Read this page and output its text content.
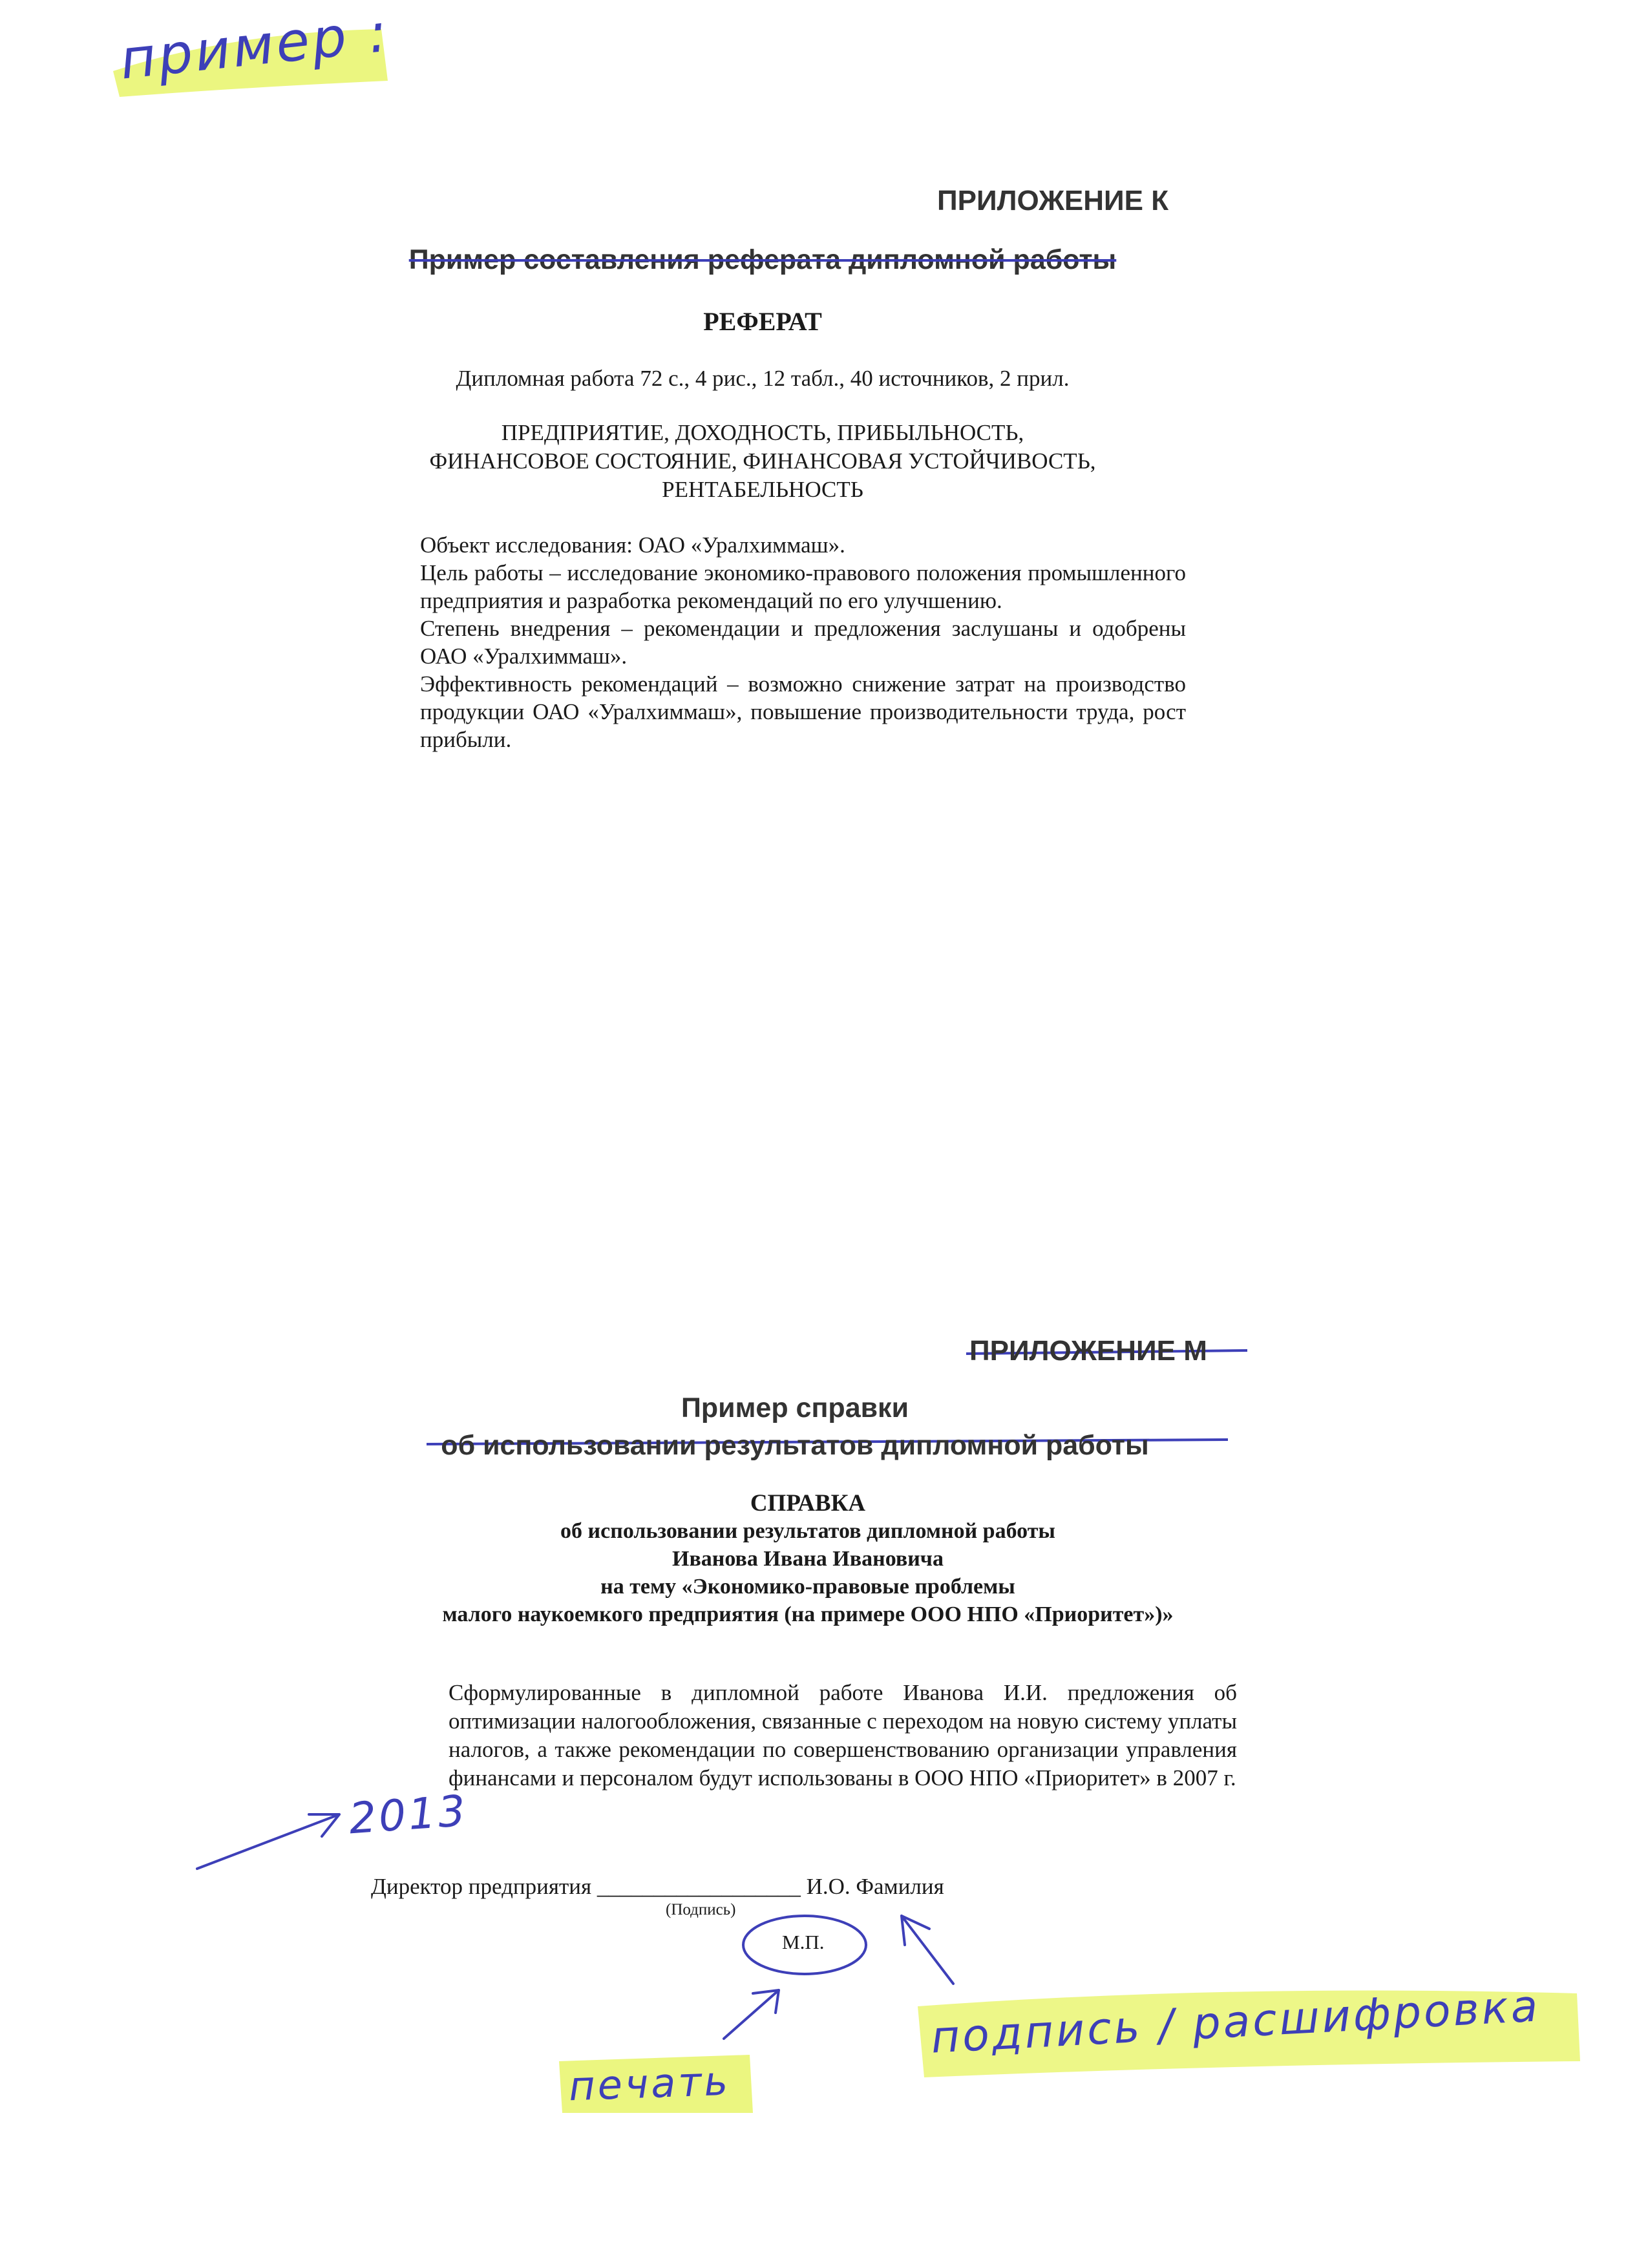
пример :
ПРИЛОЖЕНИЕ К
Пример составления реферата дипломной работы
РЕФЕРАТ
Дипломная работа 72 с., 4 рис., 12 табл., 40 источников, 2 прил.
ПРЕДПРИЯТИЕ, ДОХОДНОСТЬ, ПРИБЫЛЬНОСТЬ,
ФИНАНСОВОЕ СОСТОЯНИЕ, ФИНАНСОВАЯ УСТОЙЧИВОСТЬ,
РЕНТАБЕЛЬНОСТЬ
Объект исследования: ОАО «Уралхиммаш».
Цель работы – исследование экономико-правового положения промышленного предприятия и разработка рекомендаций по его улучшению.
Степень внедрения – рекомендации и предложения заслушаны и одобрены ОАО «Уралхиммаш».
Эффективность рекомендаций – возможно снижение затрат на производство продукции ОАО «Уралхиммаш», повышение производительности труда, рост прибыли.
ПРИЛОЖЕНИЕ М
Пример справки
об использовании результатов дипломной работы
СПРАВКА
об использовании результатов дипломной работы
Иванова Ивана Ивановича
на тему «Экономико-правовые проблемы
малого наукоемкого предприятия (на примере ООО НПО «Приоритет»)»
Сформулированные в дипломной работе Иванова И.И. предложения об оптимизации налогообложения, связанные с переходом на новую систему уплаты налогов, а также рекомендации по совершенствованию организации управления финансами и персоналом будут использованы в ООО НПО «Приоритет» в 2007 г.
2013
Директор предприятия __________________ И.О. Фамилия
(Подпись)
М.П.
печать
подпись / расшифровка
